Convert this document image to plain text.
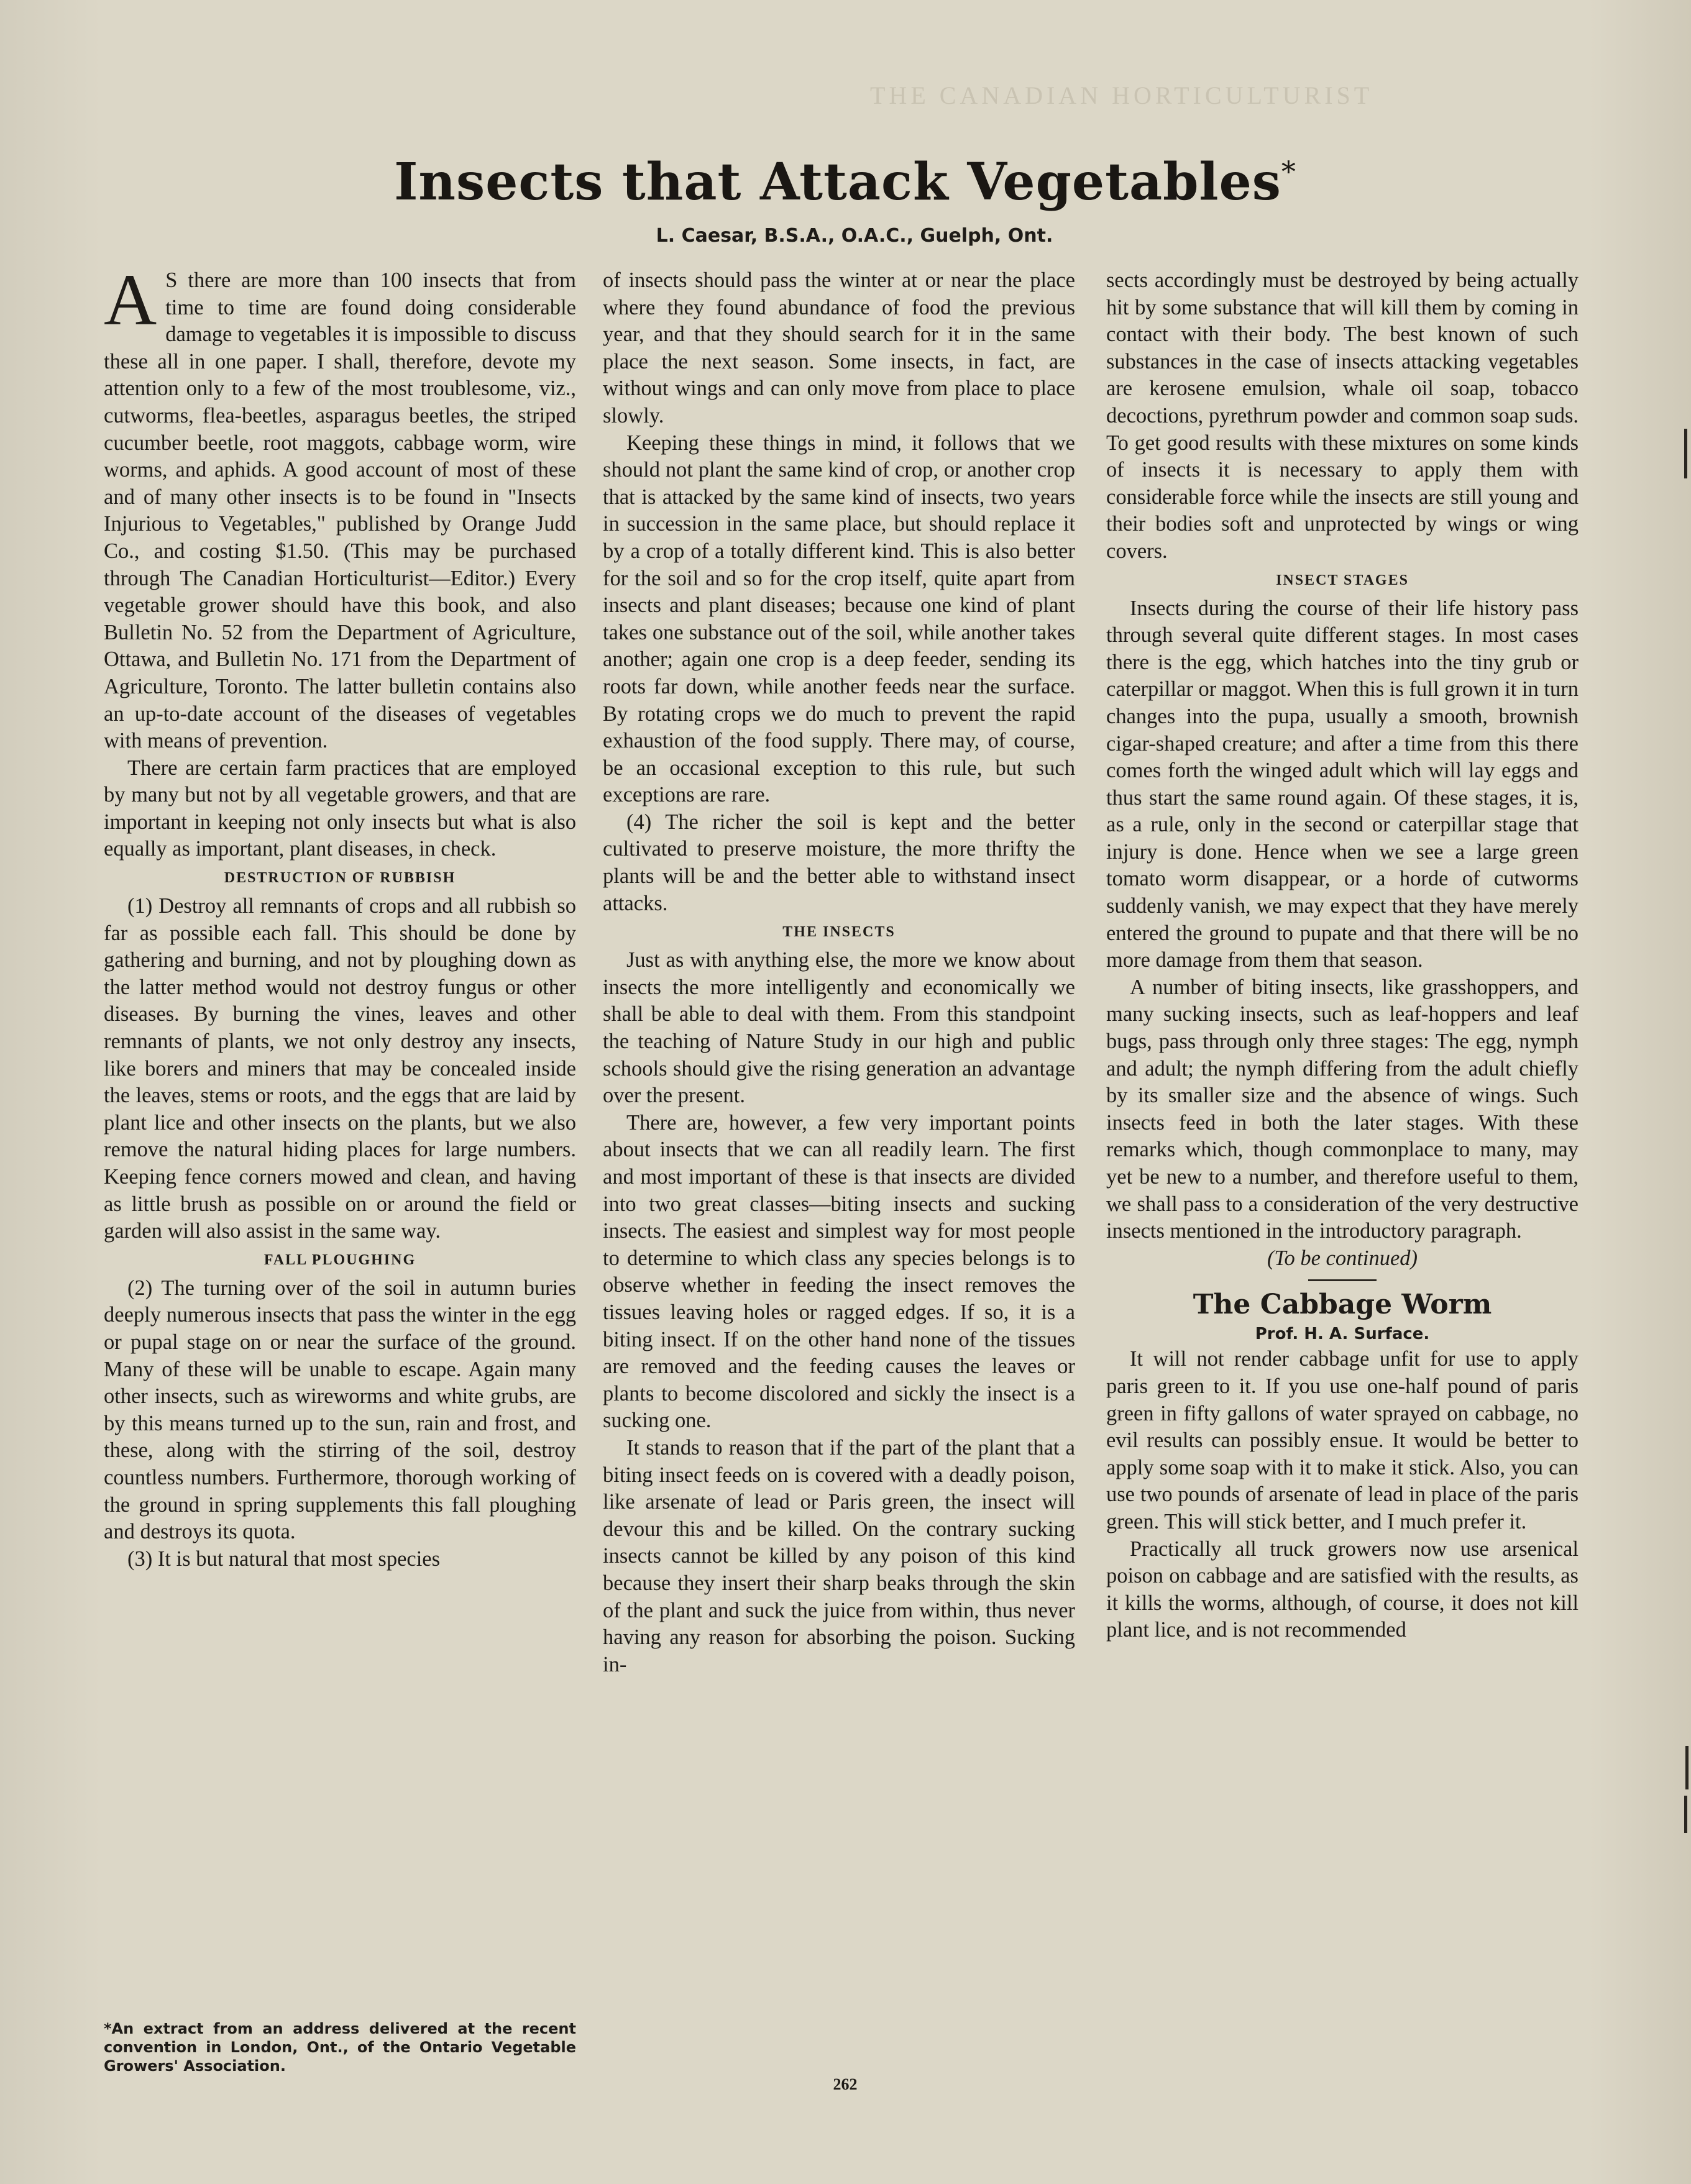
THE CANADIAN HORTICULTURIST
Insects that Attack Vegetables*
L. Caesar, B.S.A., O.A.C., Guelph, Ont.

A S there are more than 100 insects that from time to time are found doing considerable damage to vegetables it is impossible to discuss these all in one paper. I shall, therefore, devote my attention only to a few of the most troublesome, viz., cutworms, flea-beetles, asparagus beetles, the striped cucumber beetle, root maggots, cabbage worm, wire worms, and aphids. A good account of most of these and of many other insects is to be found in "Insects Injurious to Vegetables," published by Orange Judd Co., and costing $1.50. (This may be purchased through The Canadian Horticulturist—Editor.) Every vegetable grower should have this book, and also Bulletin No. 52 from the Department of Agriculture, Ottawa, and Bulletin No. 171 from the Department of Agriculture, Toronto. The latter bulletin contains also an up-to-date account of the diseases of vegetables with means of prevention.

There are certain farm practices that are employed by many but not by all vegetable growers, and that are important in keeping not only insects but what is also equally as important, plant diseases, in check.

DESTRUCTION OF RUBBISH

(1) Destroy all remnants of crops and all rubbish so far as possible each fall. This should be done by gathering and burning, and not by ploughing down as the latter method would not destroy fungus or other diseases. By burning the vines, leaves and other remnants of plants, we not only destroy any insects, like borers and miners that may be concealed inside the leaves, stems or roots, and the eggs that are laid by plant lice and other insects on the plants, but we also remove the natural hiding places for large numbers. Keeping fence corners mowed and clean, and having as little brush as possible on or around the field or garden will also assist in the same way.

FALL PLOUGHING

(2) The turning over of the soil in autumn buries deeply numerous insects that pass the winter in the egg or pupal stage on or near the surface of the ground. Many of these will be unable to escape. Again many other insects, such as wireworms and white grubs, are by this means turned up to the sun, rain and frost, and these, along with the stirring of the soil, destroy countless numbers. Furthermore, thorough working of the ground in spring supplements this fall ploughing and destroys its quota.

(3) It is but natural that most species

*An extract from an address delivered at the recent convention in London, Ont., of the Ontario Vegetable Growers' Association.

of insects should pass the winter at or near the place where they found abundance of food the previous year, and that they should search for it in the same place the next season. Some insects, in fact, are without wings and can only move from place to place slowly.

Keeping these things in mind, it follows that we should not plant the same kind of crop, or another crop that is attacked by the same kind of insects, two years in succession in the same place, but should replace it by a crop of a totally different kind. This is also better for the soil and so for the crop itself, quite apart from insects and plant diseases; because one kind of plant takes one substance out of the soil, while another takes another; again one crop is a deep feeder, sending its roots far down, while another feeds near the surface. By rotating crops we do much to prevent the rapid exhaustion of the food supply. There may, of course, be an occasional exception to this rule, but such exceptions are rare.

(4) The richer the soil is kept and the better cultivated to preserve moisture, the more thrifty the plants will be and the better able to withstand insect attacks.

THE INSECTS

Just as with anything else, the more we know about insects the more intelligently and economically we shall be able to deal with them. From this standpoint the teaching of Nature Study in our high and public schools should give the rising generation an advantage over the present.

There are, however, a few very important points about insects that we can all readily learn. The first and most important of these is that insects are divided into two great classes—biting insects and sucking insects. The easiest and simplest way for most people to determine to which class any species belongs is to observe whether in feeding the insect removes the tissues leaving holes or ragged edges. If so, it is a biting insect. If on the other hand none of the tissues are removed and the feeding causes the leaves or plants to become discolored and sickly the insect is a sucking one.

It stands to reason that if the part of the plant that a biting insect feeds on is covered with a deadly poison, like arsenate of lead or Paris green, the insect will devour this and be killed. On the contrary sucking insects cannot be killed by any poison of this kind because they insert their sharp beaks through the skin of the plant and suck the juice from within, thus never having any reason for absorbing the poison. Sucking in-

sects accordingly must be destroyed by being actually hit by some substance that will kill them by coming in contact with their body. The best known of such substances in the case of insects attacking vegetables are kerosene emulsion, whale oil soap, tobacco decoctions, pyrethrum powder and common soap suds. To get good results with these mixtures on some kinds of insects it is necessary to apply them with considerable force while the insects are still young and their bodies soft and unprotected by wings or wing covers.

INSECT STAGES

Insects during the course of their life history pass through several quite different stages. In most cases there is the egg, which hatches into the tiny grub or caterpillar or maggot. When this is full grown it in turn changes into the pupa, usually a smooth, brownish cigar-shaped creature; and after a time from this there comes forth the winged adult which will lay eggs and thus start the same round again. Of these stages, it is, as a rule, only in the second or caterpillar stage that injury is done. Hence when we see a large green tomato worm disappear, or a horde of cutworms suddenly vanish, we may expect that they have merely entered the ground to pupate and that there will be no more damage from them that season.

A number of biting insects, like grasshoppers, and many sucking insects, such as leaf-hoppers and leaf bugs, pass through only three stages: The egg, nymph and adult; the nymph differing from the adult chiefly by its smaller size and the absence of wings. Such insects feed in both the later stages. With these remarks which, though commonplace to many, may yet be new to a number, and therefore useful to them, we shall pass to a consideration of the very destructive insects mentioned in the introductory paragraph.

(To be continued)
The Cabbage Worm
Prof. H. A. Surface.

It will not render cabbage unfit for use to apply paris green to it. If you use one-half pound of paris green in fifty gallons of water sprayed on cabbage, no evil results can possibly ensue. It would be better to apply some soap with it to make it stick. Also, you can use two pounds of arsenate of lead in place of the paris green. This will stick better, and I much prefer it.

Practically all truck growers now use arsenical poison on cabbage and are satisfied with the results, as it kills the worms, although, of course, it does not kill plant lice, and is not recommended

262
